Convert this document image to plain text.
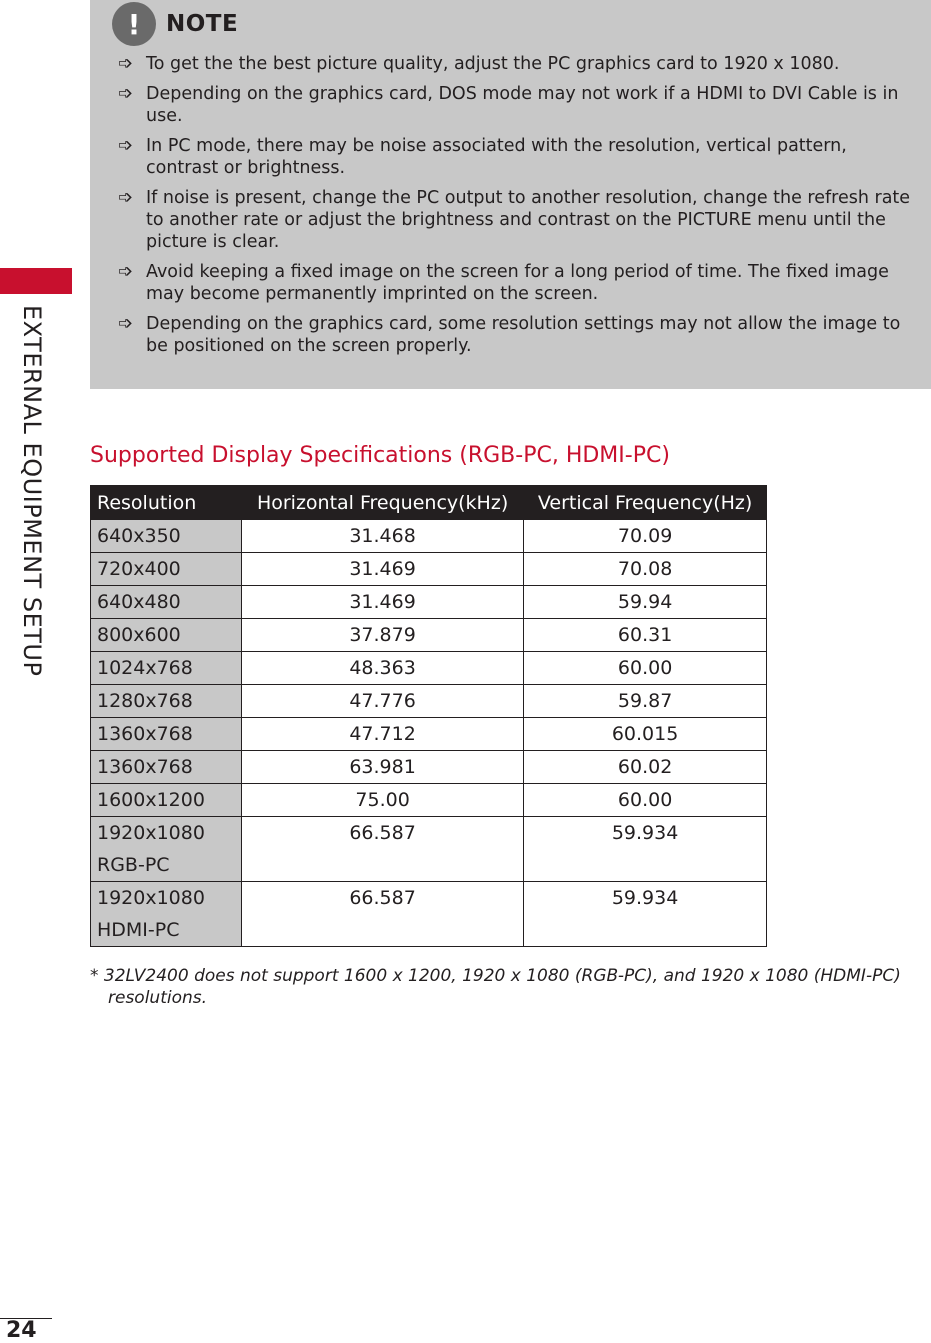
EXTERNAL EQUIPMENT SETUP
!	NOTE
➩ To get the the best picture quality, adjust the PC graphics card to 1920 x 1080.
➩ Depending on the graphics card, DOS mode may not work if a HDMI to DVI Cable is in use.
➩ In PC mode, there may be noise associated with the resolution, vertical pattern, contrast or brightness.
➩ If noise is present, change the PC output to another resolution, change the refresh rate to another rate or adjust the brightness and contrast on the PICTURE menu until the picture is clear.
➩ Avoid keeping a fixed image on the screen for a long period of time. The fixed image may become permanently imprinted on the screen.
➩ Depending on the graphics card, some resolution settings may not allow the image to be positioned on the screen properly.
Supported Display Specifications (RGB-PC, HDMI-PC)
Resolution	Horizontal Frequency(kHz)	Vertical Frequency(Hz)
640x350	31.468	70.09
720x400	31.469	70.08
640x480	31.469	59.94
800x600	37.879	60.31
1024x768	48.363	60.00
1280x768	47.776	59.87
1360x768	47.712	60.015
1360x768	63.981	60.02
1600x1200	75.00	60.00

1920x1080
RGB-PC	66.587	59.934

1920x1080
HDMI-PC	66.587	59.934
* 32LV2400 does not support 1600 x 1200, 1920 x 1080 (RGB-PC), and 1920 x 1080 (HDMI-PC) resolutions.
24
